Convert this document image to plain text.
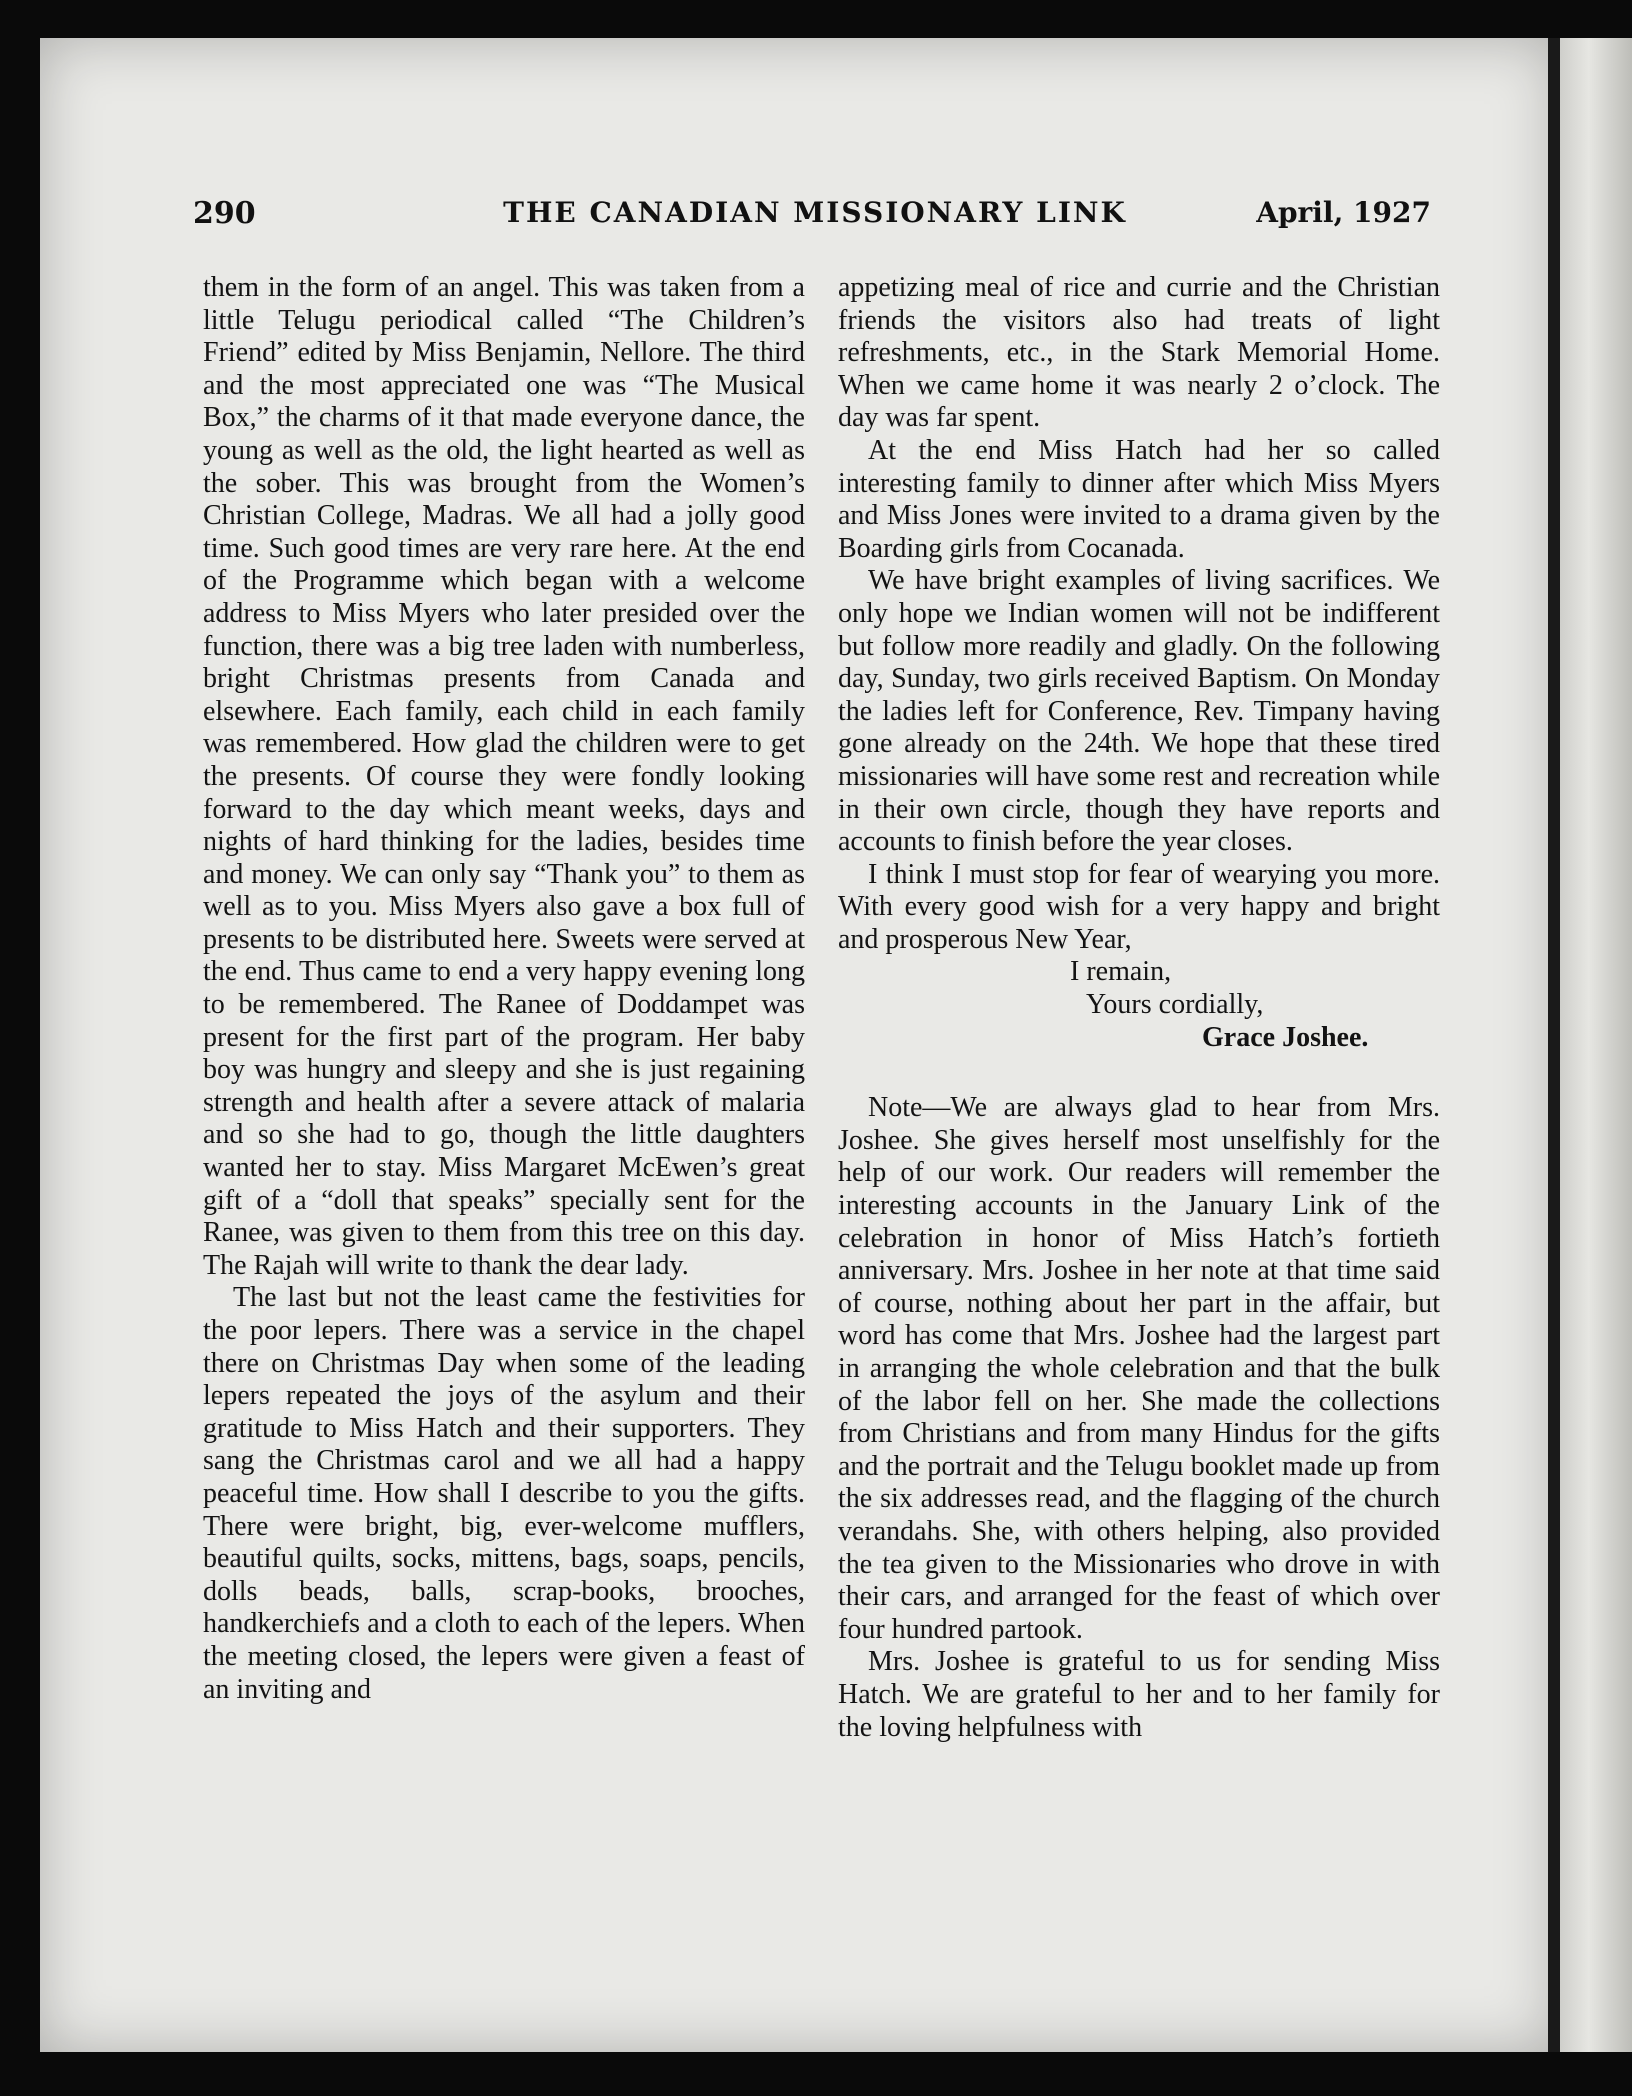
290	THE CANADIAN MISSIONARY LINK	April, 1927

them in the form of an angel. This was taken from a little Telugu periodical called “The Children’s Friend” edited by Miss Benjamin, Nellore. The third and the most appreciated one was “The Musical Box,” the charms of it that made everyone dance, the young as well as the old, the light hearted as well as the sober. This was brought from the Women’s Christian College, Madras. We all had a jolly good time. Such good times are very rare here. At the end of the Programme which began with a welcome address to Miss Myers who later presided over the function, there was a big tree laden with numberless, bright Christmas presents from Canada and elsewhere. Each family, each child in each family was remembered. How glad the children were to get the presents. Of course they were fondly looking forward to the day which meant weeks, days and nights of hard thinking for the ladies, besides time and money. We can only say “Thank you” to them as well as to you. Miss Myers also gave a box full of presents to be distributed here. Sweets were served at the end. Thus came to end a very happy evening long to be remembered. The Ranee of Doddampet was present for the first part of the program. Her baby boy was hungry and sleepy and she is just regaining strength and health after a severe attack of malaria and so she had to go, though the little daughters wanted her to stay. Miss Margaret McEwen’s great gift of a “doll that speaks” specially sent for the Ranee, was given to them from this tree on this day. The Rajah will write to thank the dear lady.

The last but not the least came the festivities for the poor lepers. There was a service in the chapel there on Christmas Day when some of the leading lepers repeated the joys of the asylum and their gratitude to Miss Hatch and their supporters. They sang the Christmas carol and we all had a happy peaceful time. How shall I describe to you the gifts. There were bright, big, ever-welcome mufflers, beautiful quilts, socks, mittens, bags, soaps, pencils, dolls beads, balls, scrap-books, brooches, handkerchiefs and a cloth to each of the lepers. When the meeting closed, the lepers were given a feast of an inviting and

appetizing meal of rice and currie and the Christian friends the visitors also had treats of light refreshments, etc., in the Stark Memorial Home. When we came home it was nearly 2 o’clock. The day was far spent.

At the end Miss Hatch had her so called interesting family to dinner after which Miss Myers and Miss Jones were invited to a drama given by the Boarding girls from Cocanada.

We have bright examples of living sacrifices. We only hope we Indian women will not be indifferent but follow more readily and gladly. On the following day, Sunday, two girls received Baptism. On Monday the ladies left for Conference, Rev. Timpany having gone already on the 24th. We hope that these tired missionaries will have some rest and recreation while in their own circle, though they have reports and accounts to finish before the year closes.

I think I must stop for fear of wearying you more. With every good wish for a very happy and bright and prosperous New Year,

I remain,
Yours cordially,
Grace Joshee.

Note—We are always glad to hear from Mrs. Joshee. She gives herself most unselfishly for the help of our work. Our readers will remember the interesting accounts in the January Link of the celebration in honor of Miss Hatch’s fortieth anniversary. Mrs. Joshee in her note at that time said of course, nothing about her part in the affair, but word has come that Mrs. Joshee had the largest part in arranging the whole celebration and that the bulk of the labor fell on her. She made the collections from Christians and from many Hindus for the gifts and the portrait and the Telugu booklet made up from the six addresses read, and the flagging of the church verandahs. She, with others helping, also provided the tea given to the Missionaries who drove in with their cars, and arranged for the feast of which over four hundred partook.

Mrs. Joshee is grateful to us for sending Miss Hatch. We are grateful to her and to her family for the loving helpfulness with
